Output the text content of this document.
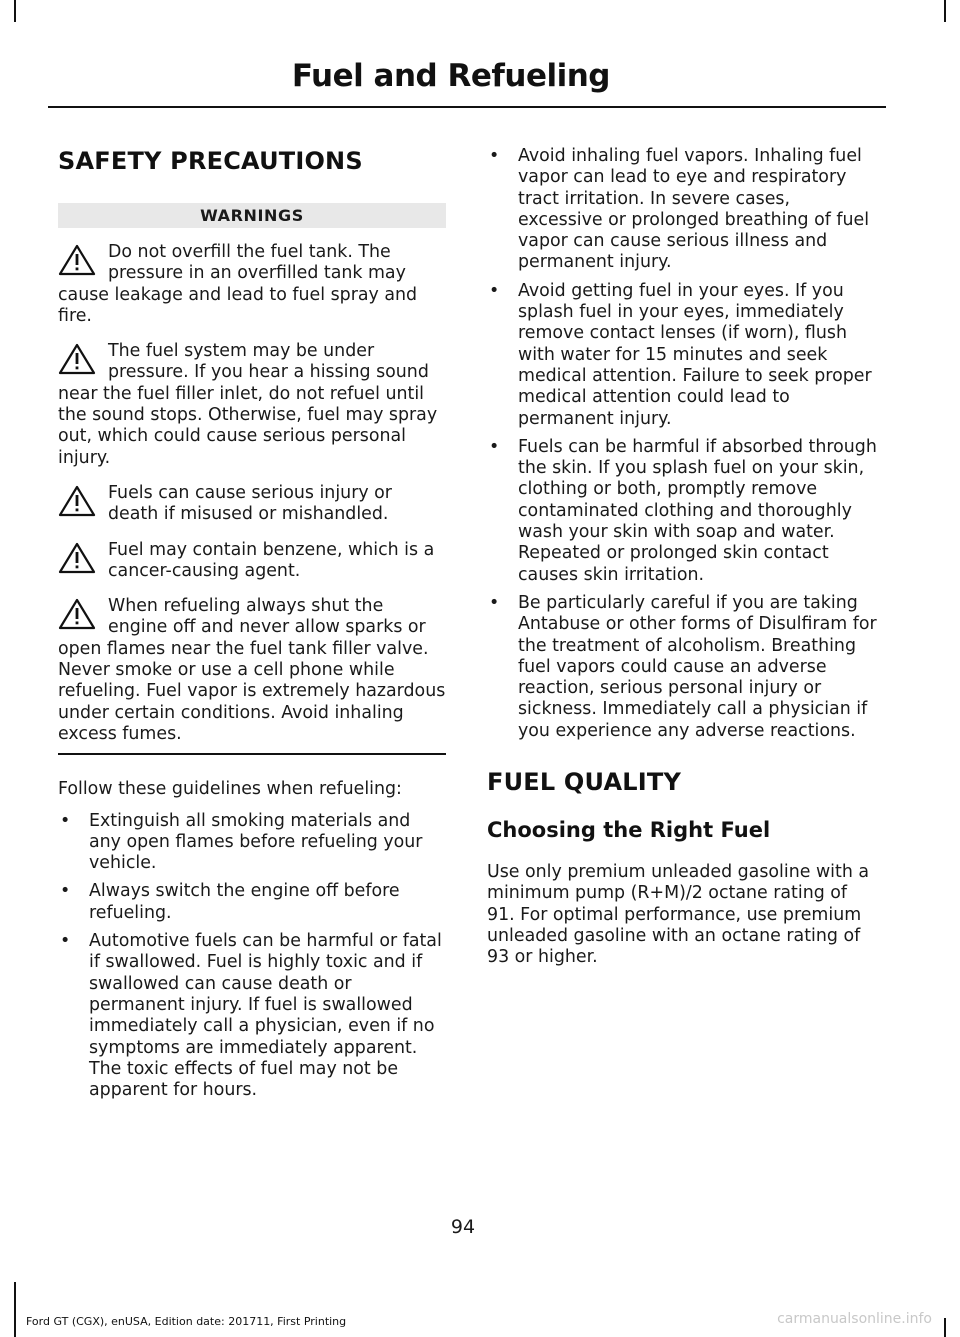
Fuel and Refueling
SAFETY PRECAUTIONS
WARNINGS
Do not overfill the fuel tank. The pressure in an overfilled tank may cause leakage and lead to fuel spray and fire.
The fuel system may be under pressure. If you hear a hissing sound near the fuel filler inlet, do not refuel until the sound stops. Otherwise, fuel may spray out, which could cause serious personal injury.
Fuels can cause serious injury or death if misused or mishandled.
Fuel may contain benzene, which is a cancer-causing agent.
When refueling always shut the engine off and never allow sparks or open flames near the fuel tank filler valve. Never smoke or use a cell phone while refueling. Fuel vapor is extremely hazardous under certain conditions. Avoid inhaling excess fumes.

Follow these guidelines when refueling:

• Extinguish all smoking materials and any open flames before refueling your vehicle.
• Always switch the engine off before refueling.
• Automotive fuels can be harmful or fatal if swallowed. Fuel is highly toxic and if swallowed can cause death or permanent injury. If fuel is swallowed immediately call a physician, even if no symptoms are immediately apparent. The toxic effects of fuel may not be apparent for hours.
• Avoid inhaling fuel vapors. Inhaling fuel vapor can lead to eye and respiratory tract irritation. In severe cases, excessive or prolonged breathing of fuel vapor can cause serious illness and permanent injury.
• Avoid getting fuel in your eyes. If you splash fuel in your eyes, immediately remove contact lenses (if worn), flush with water for 15 minutes and seek medical attention. Failure to seek proper medical attention could lead to permanent injury.
• Fuels can be harmful if absorbed through the skin. If you splash fuel on your skin, clothing or both, promptly remove contaminated clothing and thoroughly wash your skin with soap and water. Repeated or prolonged skin contact causes skin irritation.
• Be particularly careful if you are taking Antabuse or other forms of Disulfiram for the treatment of alcoholism. Breathing fuel vapors could cause an adverse reaction, serious personal injury or sickness. Immediately call a physician if you experience any adverse reactions.
FUEL QUALITY
Choosing the Right Fuel

Use only premium unleaded gasoline with a minimum pump (R+M)/2 octane rating of 91. For optimal performance, use premium unleaded gasoline with an octane rating of 93 or higher.

94
Ford GT (CGX), enUSA, Edition date: 201711, First Printing	carmanualsonline.info
